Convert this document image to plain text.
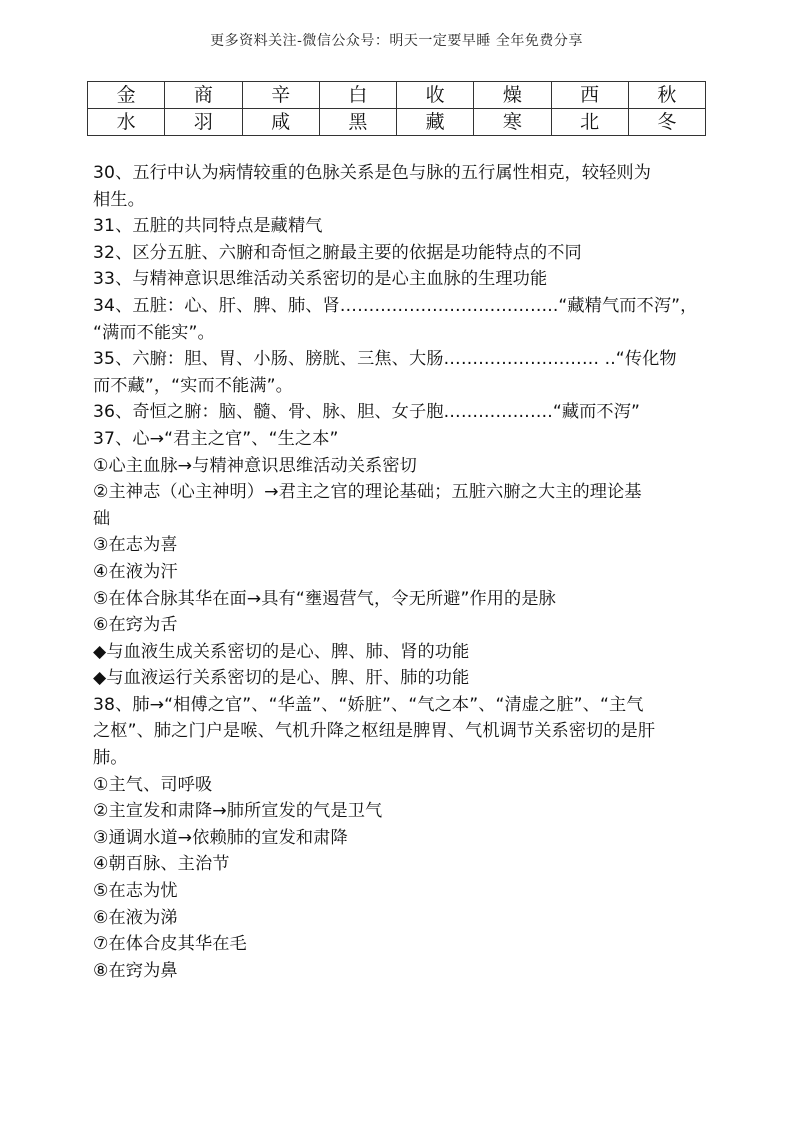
更多资料关注-微信公众号：明天一定要早睡 全年免费分享
金	商	辛	白	收	燥	西	秋
水	羽	咸	黑	藏	寒	北	冬

30、五行中认为病情较重的色脉关系是色与脉的五行属性相克，较轻则为

相生。

31、五脏的共同特点是藏精气

32、区分五脏、六腑和奇恒之腑最主要的依据是功能特点的不同

33、与精神意识思维活动关系密切的是心主血脉的生理功能

34、五脏：心、肝、脾、肺、肾………………………………..“藏精气而不泻”，

“满而不能实”。

35、六腑：胆、胃、小肠、膀胱、三焦、大肠……………………… ..“传化物

而不藏”，“实而不能满”。

36、奇恒之腑：脑、髓、骨、脉、胆、女子胞……………….“藏而不泻”

37、心→“君主之官”、“生之本”

①心主血脉→与精神意识思维活动关系密切

②主神志（心主神明）→君主之官的理论基础；五脏六腑之大主的理论基

础

③在志为喜

④在液为汗

⑤在体合脉其华在面→具有“壅遏营气，令无所避”作用的是脉

⑥在窍为舌

◆与血液生成关系密切的是心、脾、肺、肾的功能

◆与血液运行关系密切的是心、脾、肝、肺的功能

38、肺→“相傅之官”、“华盖”、“娇脏”、“气之本”、“清虚之脏”、“主气

之枢”、肺之门户是喉、气机升降之枢纽是脾胃、气机调节关系密切的是肝

肺。

①主气、司呼吸

②主宣发和肃降→肺所宣发的气是卫气

③通调水道→依赖肺的宣发和肃降

④朝百脉、主治节

⑤在志为忧

⑥在液为涕

⑦在体合皮其华在毛

⑧在窍为鼻
